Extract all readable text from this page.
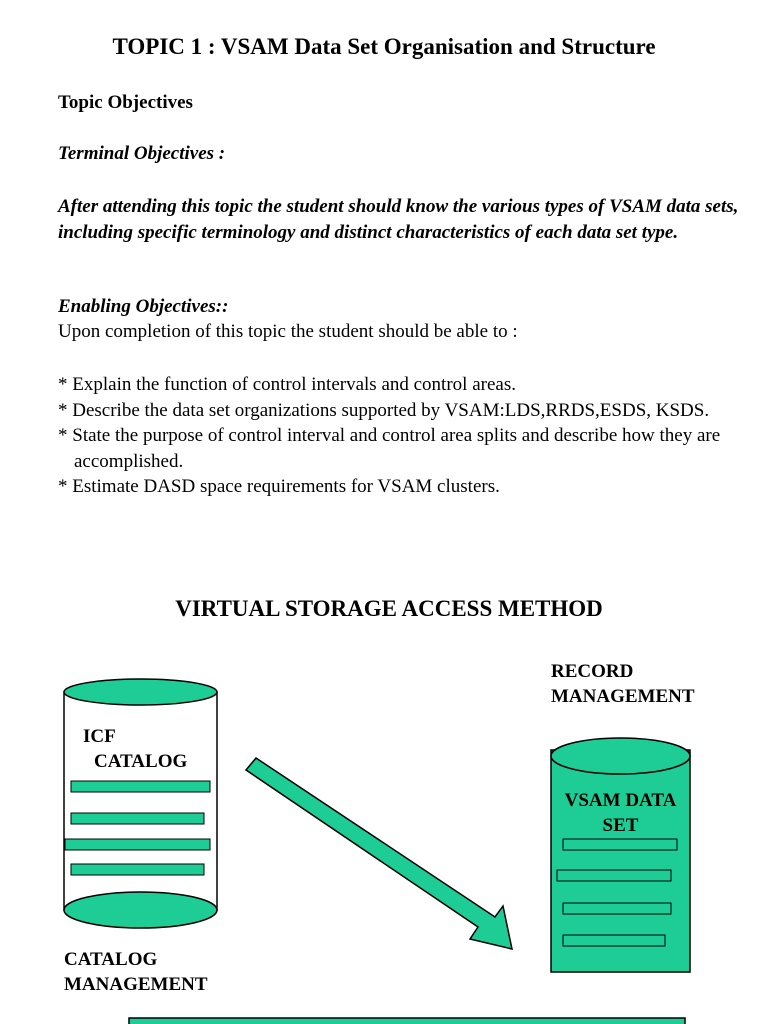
TOPIC 1 : VSAM Data Set Organisation and Structure
Topic Objectives
Terminal Objectives :
After attending this topic the student should know the various types of VSAM data sets, including specific terminology and distinct characteristics of each data set type.
Enabling Objectives::
Upon completion of this topic the student should be able to :
* Explain the function of control intervals and control areas.
* Describe the data set organizations supported by VSAM:LDS,RRDS,ESDS, KSDS.
* State the purpose of control interval and control area splits and describe how they are accomplished.
* Estimate DASD space requirements for VSAM clusters.
VIRTUAL STORAGE ACCESS METHOD
ICF
CATALOG
CATALOG
MANAGEMENT
RECORD
MANAGEMENT
VSAM DATA
SET
